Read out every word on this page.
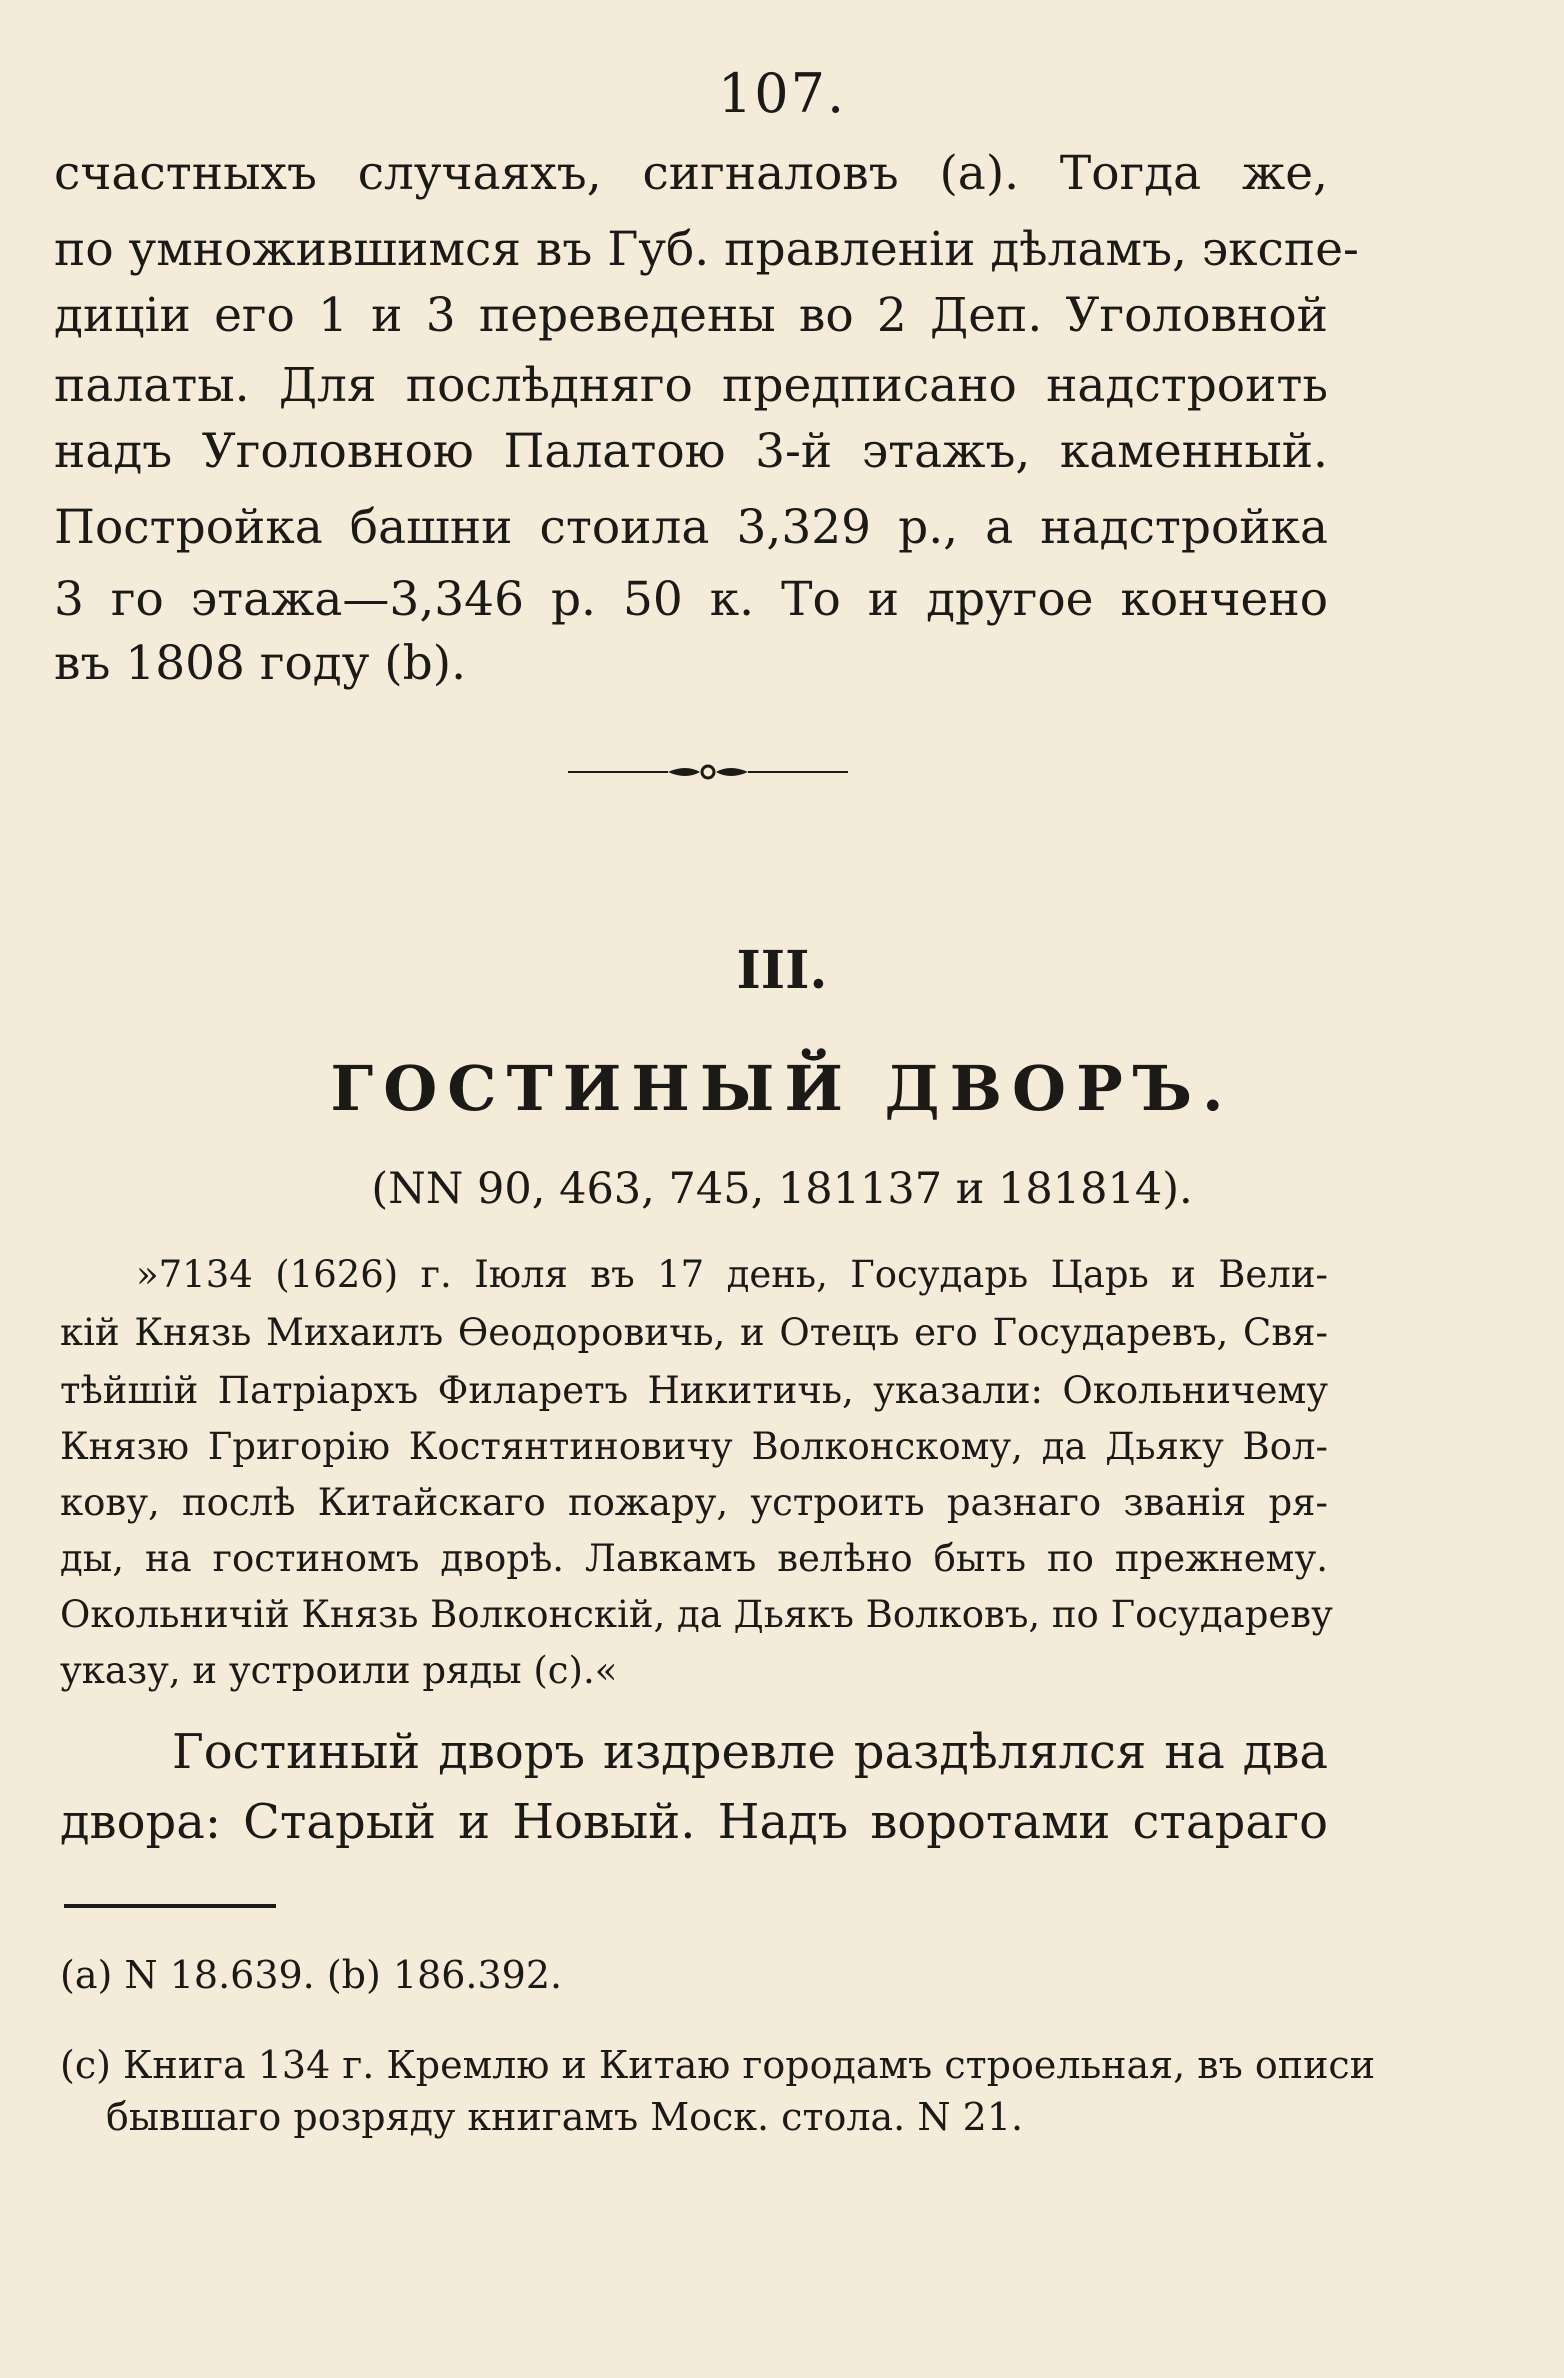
107.
счастныхъ случаяхъ, сигналовъ (а). Тогда же,
по умножившимся въ Губ. правленіи дѣламъ, экспе-
диціи его 1 и 3 переведены во 2 Деп. Уголовной
палаты. Для послѣдняго предписано надстроить
надъ Уголовною Палатою 3-й этажъ, каменный.
Постройка башни стоила 3,329 р., а надстройка
3 го этажа—3,346 р. 50 к. То и другое кончено
въ 1808 году (b).
III.
ГОСТИНЫЙ ДВОРЪ.
(NN 90, 463, 745, 181137 и 181814).
»7134 (1626) г. Іюля въ 17 день, Государь Царь и Вели-
кій Князь Михаилъ Ѳеодоровичь, и Отецъ его Государевъ, Свя-
тѣйшій Патріархъ Филаретъ Никитичь, указали: Окольничему
Князю Григорію Костянтиновичу Волконскому, да Дьяку Вол-
кову, послѣ Китайскаго пожару, устроить разнаго званія ря-
ды, на гостиномъ дворѣ. Лавкамъ велѣно быть по прежнему.
Окольничій Князь Волконскій, да Дьякъ Волковъ, по Государеву
указу, и устроили ряды (с).«
Гостиный дворъ издревле раздѣлялся на два
двора: Старый и Новый. Надъ воротами стараго
(a) N 18.639. (b) 186.392.
(c) Книга 134 г. Кремлю и Китаю городамъ строельная, въ описи
бывшаго розряду книгамъ Моск. стола. N 21.
